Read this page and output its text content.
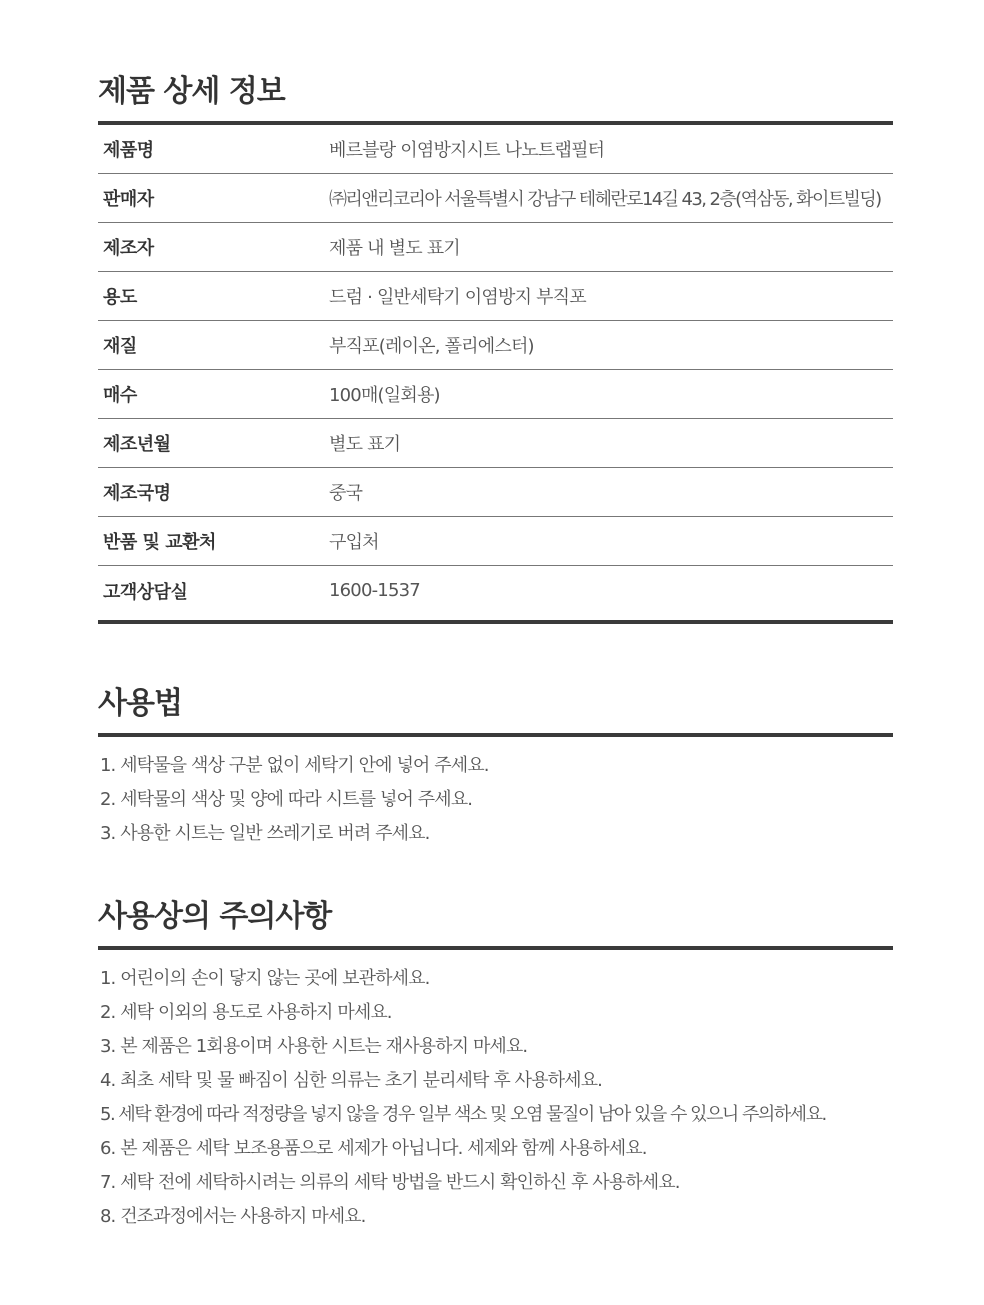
제품 상세 정보
제품명	베르블랑 이염방지시트 나노트랩필터
판매자	㈜리앤리코리아 서울특별시 강남구 테헤란로14길 43, 2층(역삼동, 화이트빌딩)
제조자	제품 내 별도 표기
용도	드럼 · 일반세탁기 이염방지 부직포
재질	부직포(레이온, 폴리에스터)
매수	100매(일회용)
제조년월	별도 표기
제조국명	중국
반품 및 교환처	구입처
고객상담실	1600-1537
사용법
1. 세탁물을 색상 구분 없이 세탁기 안에 넣어 주세요.
2. 세탁물의 색상 및 양에 따라 시트를 넣어 주세요.
3. 사용한 시트는 일반 쓰레기로 버려 주세요.
사용상의 주의사항
1. 어린이의 손이 닿지 않는 곳에 보관하세요.
2. 세탁 이외의 용도로 사용하지 마세요.
3. 본 제품은 1회용이며 사용한 시트는 재사용하지 마세요.
4. 최초 세탁 및 물 빠짐이 심한 의류는 초기 분리세탁 후 사용하세요.
5. 세탁 환경에 따라 적정량을 넣지 않을 경우 일부 색소 및 오염 물질이 남아 있을 수 있으니 주의하세요.
6. 본 제품은 세탁 보조용품으로 세제가 아닙니다. 세제와 함께 사용하세요.
7. 세탁 전에 세탁하시려는 의류의 세탁 방법을 반드시 확인하신 후 사용하세요.
8. 건조과정에서는 사용하지 마세요.
